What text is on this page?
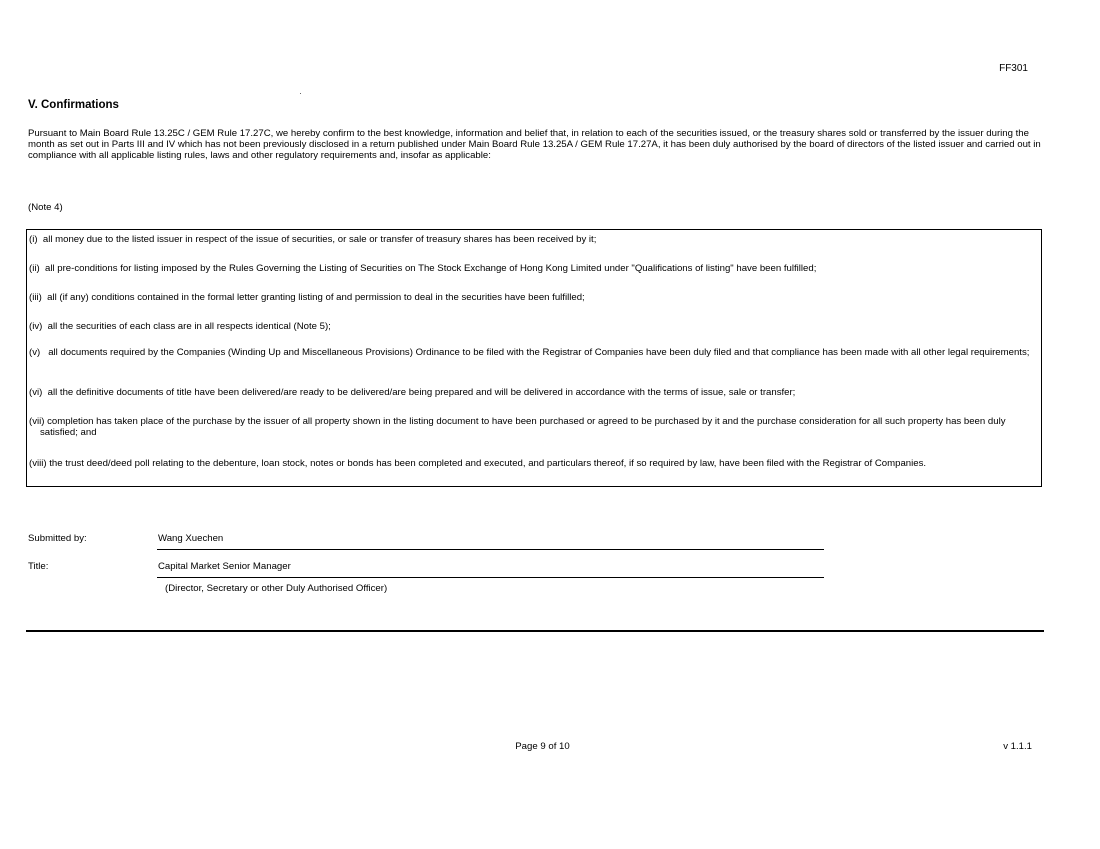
FF301
V. Confirmations
Pursuant to Main Board Rule 13.25C / GEM Rule 17.27C, we hereby confirm to the best knowledge, information and belief that, in relation to each of the securities issued, or the treasury shares sold or transferred by the issuer during the month as set out in Parts III and IV which has not been previously disclosed in a return published under Main Board Rule 13.25A / GEM Rule 17.27A, it has been duly authorised by the board of directors of the listed issuer and carried out in compliance with all applicable listing rules, laws and other regulatory requirements and, insofar as applicable:
(Note 4)
(i) all money due to the listed issuer in respect of the issue of securities, or sale or transfer of treasury shares has been received by it;
(ii) all pre-conditions for listing imposed by the Rules Governing the Listing of Securities on The Stock Exchange of Hong Kong Limited under "Qualifications of listing" have been fulfilled;
(iii) all (if any) conditions contained in the formal letter granting listing of and permission to deal in the securities have been fulfilled;
(iv) all the securities of each class are in all respects identical (Note 5);
(v) all documents required by the Companies (Winding Up and Miscellaneous Provisions) Ordinance to be filed with the Registrar of Companies have been duly filed and that compliance has been made with all other legal requirements;
(vi) all the definitive documents of title have been delivered/are ready to be delivered/are being prepared and will be delivered in accordance with the terms of issue, sale or transfer;
(vii) completion has taken place of the purchase by the issuer of all property shown in the listing document to have been purchased or agreed to be purchased by it and the purchase consideration for all such property has been duly satisfied; and
(viii) the trust deed/deed poll relating to the debenture, loan stock, notes or bonds has been completed and executed, and particulars thereof, if so required by law, have been filed with the Registrar of Companies.
Submitted by:	Wang Xuechen
Title:	Capital Market Senior Manager
(Director, Secretary or other Duly Authorised Officer)
Page 9 of 10	v 1.1.1
